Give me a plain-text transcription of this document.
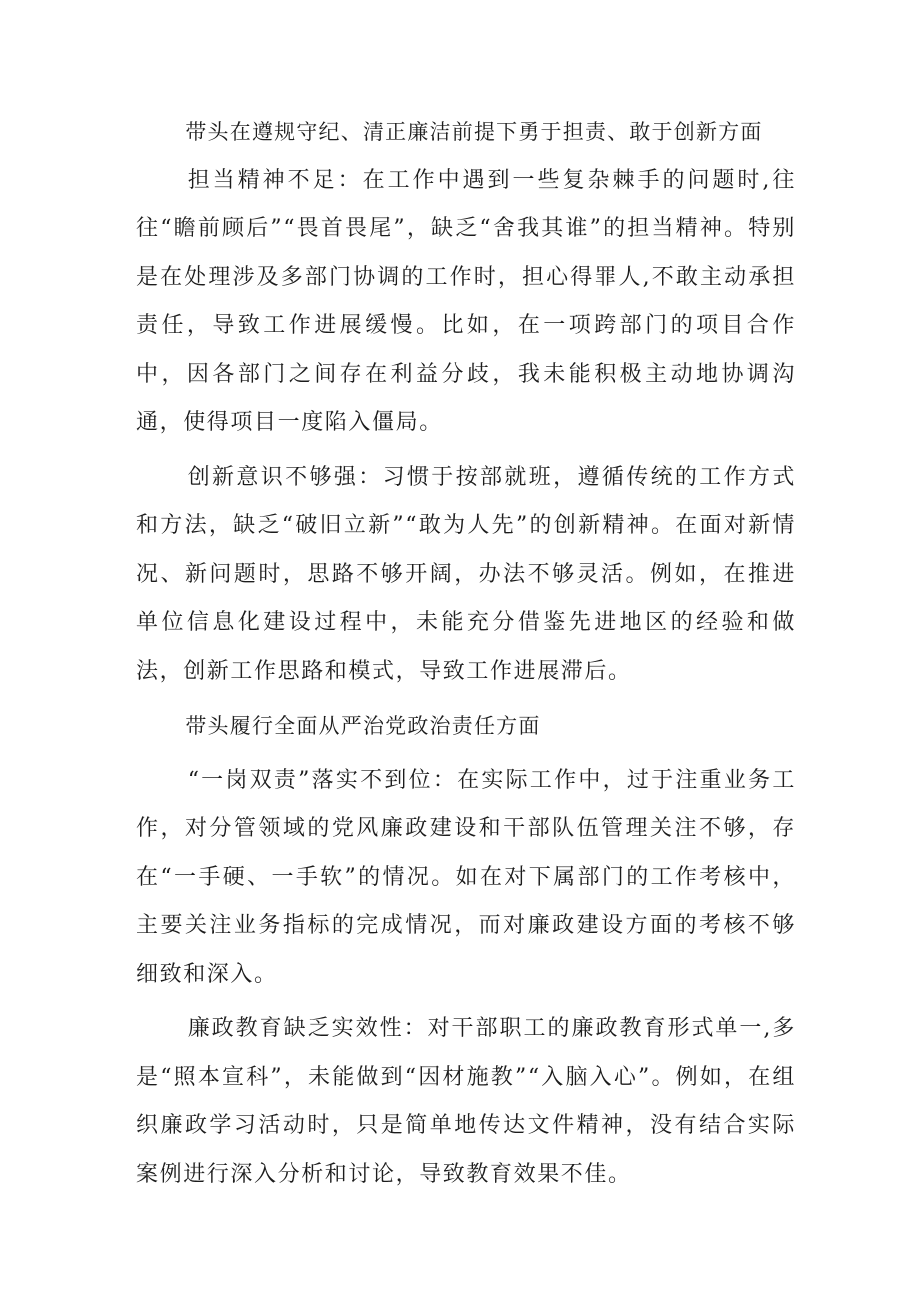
带头在遵规守纪、清正廉洁前提下勇于担责、敢于创新方面

担当精神不足：在工作中遇到一些复杂棘手的问题时,往往“瞻前顾后”“畏首畏尾”，缺乏“舍我其谁”的担当精神。特别是在处理涉及多部门协调的工作时，担心得罪人,不敢主动承担责任，导致工作进展缓慢。比如，在一项跨部门的项目合作中，因各部门之间存在利益分歧，我未能积极主动地协调沟通，使得项目一度陷入僵局。

创新意识不够强：习惯于按部就班，遵循传统的工作方式和方法，缺乏“破旧立新”“敢为人先”的创新精神。在面对新情况、新问题时，思路不够开阔，办法不够灵活。例如，在推进单位信息化建设过程中，未能充分借鉴先进地区的经验和做法，创新工作思路和模式，导致工作进展滞后。

带头履行全面从严治党政治责任方面

“一岗双责”落实不到位：在实际工作中，过于注重业务工作，对分管领域的党风廉政建设和干部队伍管理关注不够，存在“一手硬、一手软”的情况。如在对下属部门的工作考核中，主要关注业务指标的完成情况，而对廉政建设方面的考核不够细致和深入。

廉政教育缺乏实效性：对干部职工的廉政教育形式单一,多是“照本宣科”，未能做到“因材施教”“入脑入心”。例如，在组织廉政学习活动时，只是简单地传达文件精神，没有结合实际案例进行深入分析和讨论，导致教育效果不佳。
